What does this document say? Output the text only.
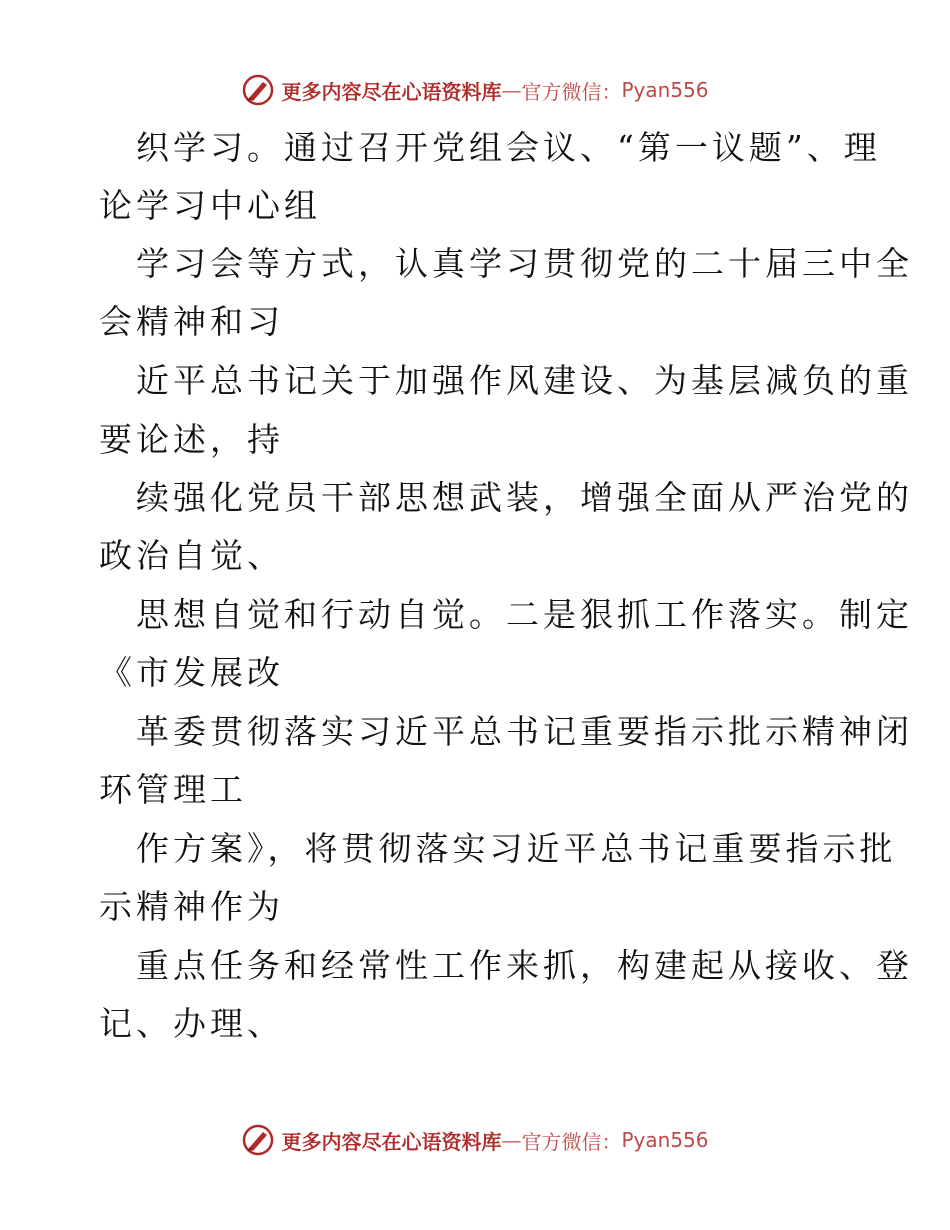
更多内容尽在心语资料库 — 官方微信： Pyan556
织学习。通过召开党组会议、“第一议题”、理
论学习中心组
学习会等方式，认真学习贯彻党的二十届三中全
会精神和习
近平总书记关于加强作风建设、为基层减负的重
要论述，持
续强化党员干部思想武装，增强全面从严治党的
政治自觉、
思想自觉和行动自觉。二是狠抓工作落实。制定
《市发展改
革委贯彻落实习近平总书记重要指示批示精神闭
环管理工
作方案》，将贯彻落实习近平总书记重要指示批
示精神作为
重点任务和经常性工作来抓，构建起从接收、登
记、办理、
更多内容尽在心语资料库 — 官方微信： Pyan556
